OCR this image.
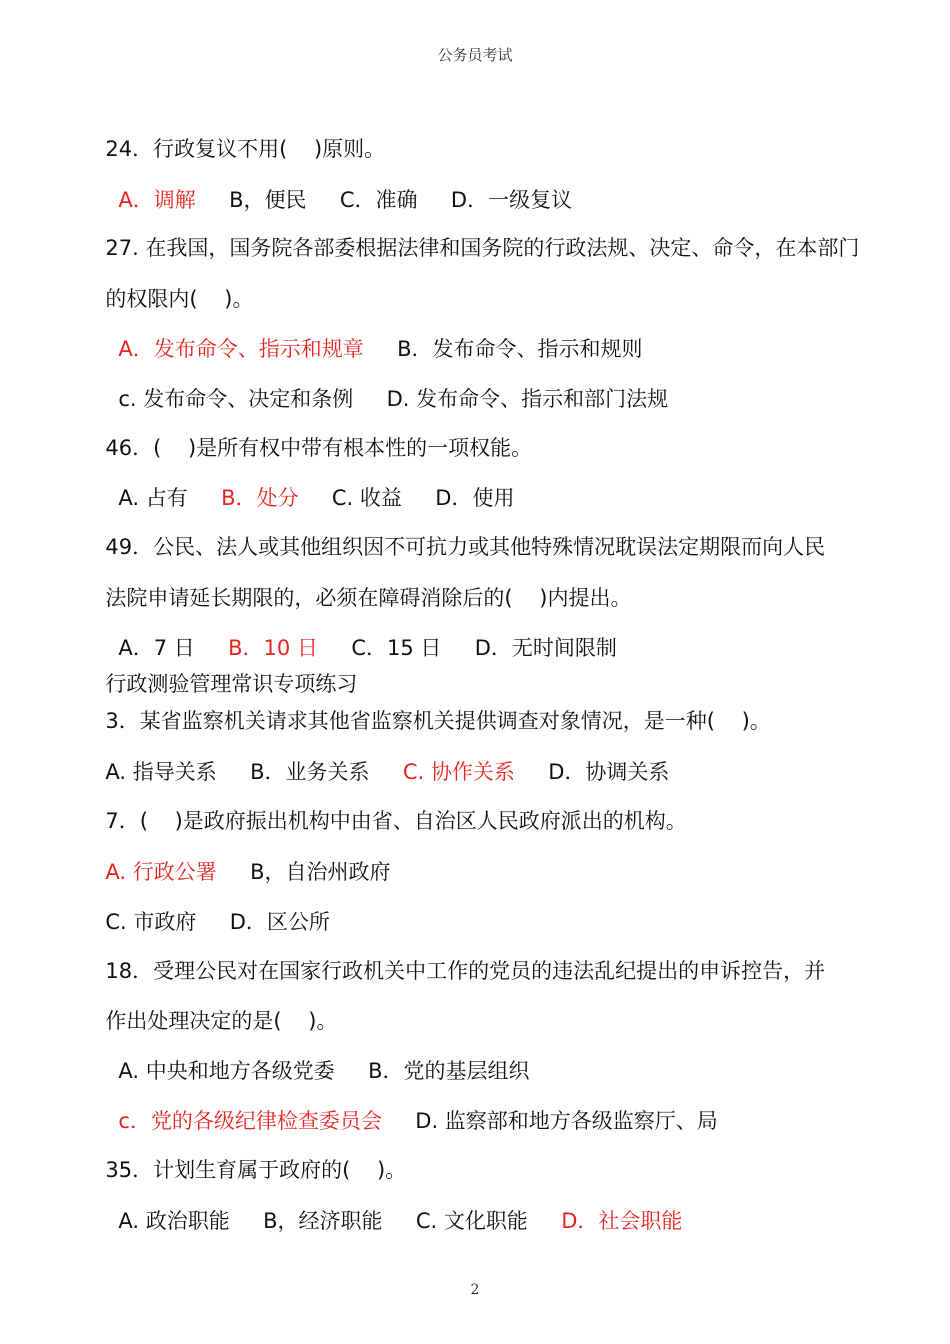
公务员考试

24．行政复议不用(    )原则。

A．调解     B，便民     C．准确     D．一级复议

27. 在我国，国务院各部委根据法律和国务院的行政法规、决定、命令，在本部门

的权限内(    )。

A．发布命令、指示和规章     B．发布命令、指示和规则

c. 发布命令、决定和条例     D. 发布命令、指示和部门法规

46．(    )是所有权中带有根本性的一项权能。

A. 占有     B．处分     C. 收益     D．使用

49．公民、法人或其他组织因不可抗力或其他特殊情况耽误法定期限而向人民

法院申请延长期限的，必须在障碍消除后的(    )内提出。

A．7 日     B．10 日     C．15 日     D．无时间限制

行政测验管理常识专项练习

3．某省监察机关请求其他省监察机关提供调查对象情况，是一种(    )。

A. 指导关系     B．业务关系     C. 协作关系     D．协调关系

7．(    )是政府振出机构中由省、自治区人民政府派出的机构。

A. 行政公署     B，自治州政府

C. 市政府     D．区公所

18．受理公民对在国家行政机关中工作的党员的违法乱纪提出的申诉控告，并

作出处理决定的是(    )。

A. 中央和地方各级党委     B．党的基层组织

c．党的各级纪律检查委员会     D. 监察部和地方各级监察厅、局

35．计划生育属于政府的(    )。

A. 政治职能     B，经济职能     C. 文化职能     D．社会职能

2
